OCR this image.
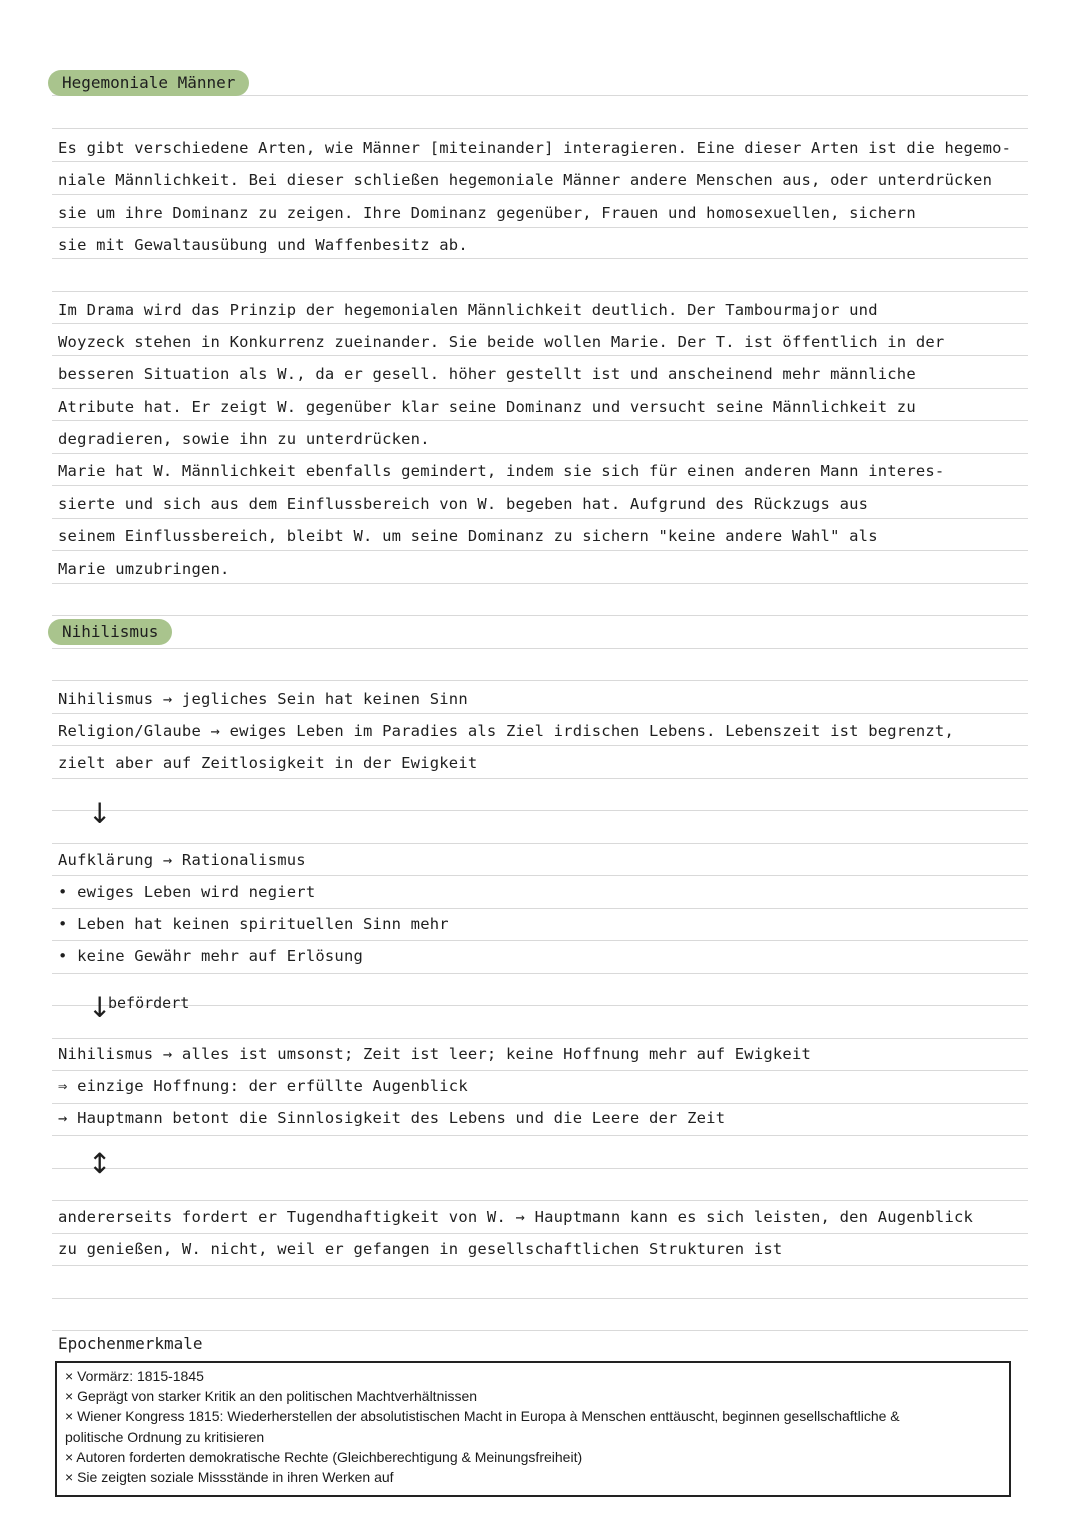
Hegemoniale Männer
Es gibt verschiedene Arten, wie Männer [miteinander] interagieren. Eine dieser Arten ist die hegemo-
niale Männlichkeit. Bei dieser schließen hegemoniale Männer andere Menschen aus, oder unterdrücken
sie um ihre Dominanz zu zeigen. Ihre Dominanz gegenüber, Frauen und homosexuellen, sichern
sie mit Gewaltausübung und Waffenbesitz ab.
Im Drama wird das Prinzip der hegemonialen Männlichkeit deutlich. Der Tambourmajor und
Woyzeck stehen in Konkurrenz zueinander. Sie beide wollen Marie. Der T. ist öffentlich in der
besseren Situation als W., da er gesell. höher gestellt ist und anscheinend mehr männliche
Atribute hat. Er zeigt W. gegenüber klar seine Dominanz und versucht seine Männlichkeit zu
degradieren, sowie ihn zu unterdrücken.
Marie hat W. Männlichkeit ebenfalls gemindert, indem sie sich für einen anderen Mann interes-
sierte und sich aus dem Einflussbereich von W. begeben hat. Aufgrund des Rückzugs aus
seinem Einflussbereich, bleibt W. um seine Dominanz zu sichern "keine andere Wahl" als
Marie umzubringen.
Nihilismus
Nihilismus → jegliches Sein hat keinen Sinn
Religion/Glaube → ewiges Leben im Paradies als Ziel irdischen Lebens. Lebenszeit ist begrenzt,
zielt aber auf Zeitlosigkeit in der Ewigkeit
↓
Aufklärung → Rationalismus
• ewiges Leben wird negiert
• Leben hat keinen spirituellen Sinn mehr
• keine Gewähr mehr auf Erlösung
↓
befördert
Nihilismus → alles ist umsonst; Zeit ist leer; keine Hoffnung mehr auf Ewigkeit
⇒ einzige Hoffnung: der erfüllte Augenblick
→ Hauptmann betont die Sinnlosigkeit des Lebens und die Leere der Zeit
↕
andererseits fordert er Tugendhaftigkeit von W. → Hauptmann kann es sich leisten, den Augenblick
zu genießen, W. nicht, weil er gefangen in gesellschaftlichen Strukturen ist
Epochenmerkmale
× Vormärz: 1815-1845
× Geprägt von starker Kritik an den politischen Machtverhältnissen
× Wiener Kongress 1815: Wiederherstellen der absolutistischen Macht in Europa à Menschen enttäuscht, beginnen gesellschaftliche &
politische Ordnung zu kritisieren
× Autoren forderten demokratische Rechte (Gleichberechtigung & Meinungsfreiheit)
× Sie zeigten soziale Missstände in ihren Werken auf
